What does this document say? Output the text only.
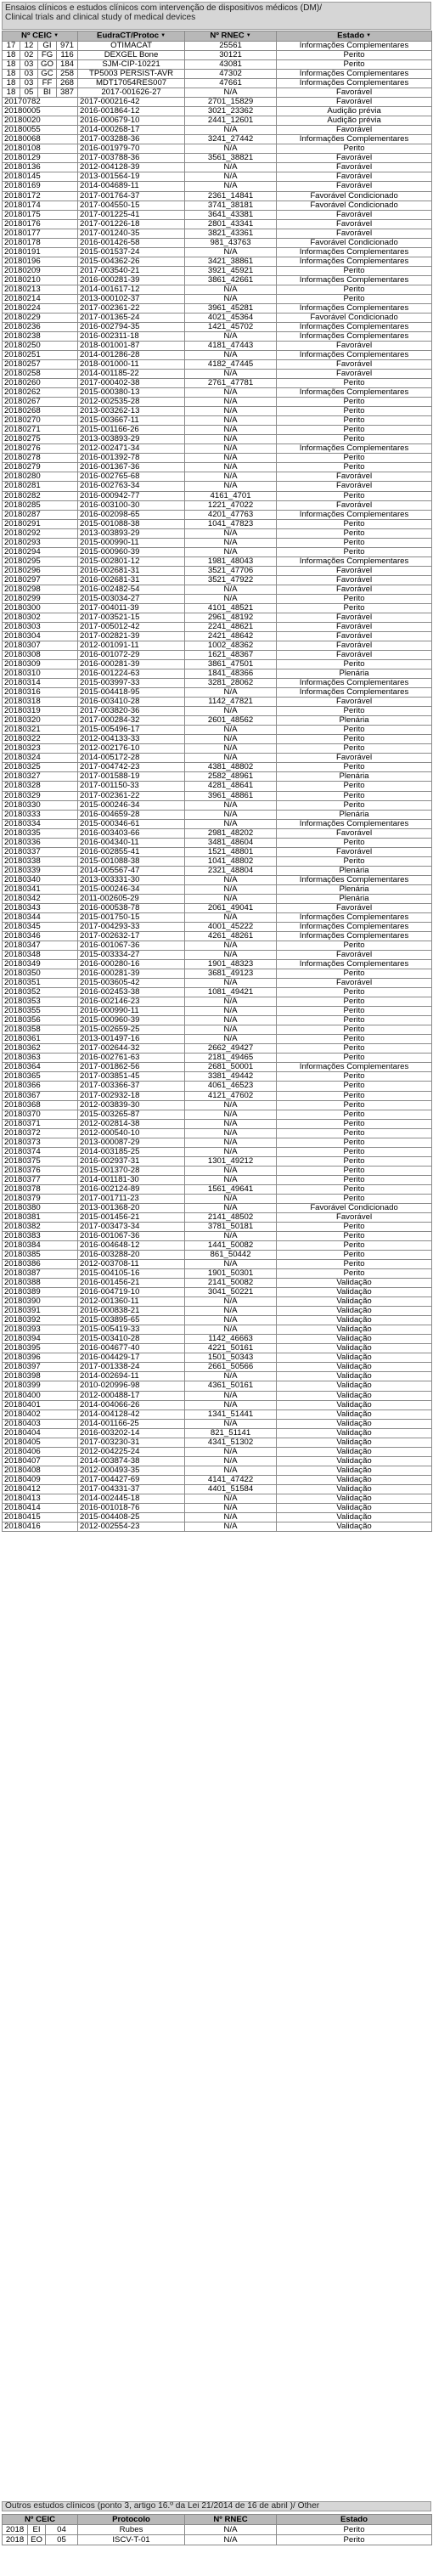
Ensaios clínicos e estudos clínicos com intervenção de dispositivos médicos (DM)/
Clinical trials and clinical study of medical devices
Nº CEIC ▼				EudraCT/Protoc ▼	Nº RNEC ▼	Estado ▼
17	12	GI	971	OTIMACAT	25561	Informações Complementares
18	02	FG	116	DEXGEL Bone	30121	Perito
18	03	GO	184	SJM-CIP-10221	43081	Perito
18	03	GC	258	TP5003 PERSIST-AVR	47302	Informações Complementares
18	03	FF	268	MDT17054RES007	47661	Informações Complementares
18	05	BI	387	2017-001626-27	N/A	Favorável
20170782				2017-000216-42	2701_15829	Favorável
20180005				2016-001864-12	3021_23362	Audição prévia
20180020				2016-000679-10	2441_12601	Audição prévia
20180055				2014-000268-17	N/A	Favorável
20180068				2017-003288-36	3241_27442	Informações Complementares
20180108				2016-001979-70	N/A	Perito
20180129				2017-003788-36	3561_38821	Favorável
20180136				2012-004128-39	N/A	Favorável
20180145				2013-001564-19	N/A	Favorável
20180169				2014-004689-11	N/A	Favorável
20180172				2017-001764-37	2361_14841	Favorável Condicionado
20180174				2017-004550-15	3741_38181	Favorável Condicionado
20180175				2017-001225-41	3641_43381	Favorável
20180176				2017-001226-18	2801_43341	Favorável
20180177				2017-001240-35	3821_43361	Favorável
20180178				2016-001426-58	981_43763	Favorável Condicionado
20180191				2015-001537-24	N/A	Informações Complementares
20180196				2015-004362-26	3421_38861	Informações Complementares
20180209				2017-003540-21	3921_45921	Perito
20180210				2016-000281-39	3861_42661	Informações Complementares
20180213				2014-001617-12	N/A	Perito
20180214				2013-000102-37	N/A	Perito
20180224				2017-002361-22	3961_45281	Informações Complementares
20180229				2017-001365-24	4021_45364	Favorável Condicionado
20180236				2016-002794-35	1421_45702	Informações Complementares
20180238				2016-002311-18	N/A	Informações Complementares
20180250				2018-001001-87	4181_47443	Favorável
20180251				2014-001286-28	N/A	Informações Complementares
20180257				2018-001000-11	4182_47445	Favorável
20180258				2014-001185-22	N/A	Favorável
20180260				2017-000402-38	2761_47781	Perito
20180262				2015-000380-13	N/A	Informações Complementares
20180267				2012-002535-28	N/A	Perito
20180268				2013-003262-13	N/A	Perito
20180270				2015-003667-11	N/A	Perito
20180271				2015-001166-26	N/A	Perito
20180275				2013-003893-29	N/A	Perito
20180276				2012-002471-34	N/A	Informações Complementares
20180278				2016-001392-78	N/A	Perito
20180279				2016-001367-36	N/A	Perito
20180280				2016-002765-68	N/A	Favorável
20180281				2016-002763-34	N/A	Favorável
20180282				2016-000942-77	4161_4701	Perito
20180285				2016-003100-30	1221_47022	Favorável
20180287				2016-002098-65	4201_47763	Informações Complementares
20180291				2015-001088-38	1041_47823	Perito
20180292				2013-003893-29	N/A	Perito
20180293				2015-000990-11	N/A	Perito
20180294				2015-000960-39	N/A	Perito
20180295				2015-002801-12	1981_48043	Informações Complementares
20180296				2016-002681-31	3521_47706	Favorável
20180297				2016-002681-31	3521_47922	Favorável
20180298				2016-002482-54	N/A	Favorável
20180299				2015-003034-27	N/A	Perito
20180300				2017-004011-39	4101_48521	Perito
20180302				2017-003521-15	2961_48192	Favorável
20180303				2017-005012-42	2241_48621	Favorável
20180304				2017-002821-39	2421_48642	Favorável
20180307				2012-001091-11	1002_48362	Favorável
20180308				2016-001072-29	1621_48367	Favorável
20180309				2016-000281-39	3861_47501	Perito
20180310				2016-001224-63	1841_48366	Plenária
20180314				2015-003997-33	3281_28062	Informações Complementares
20180316				2015-004418-95	N/A	Informações Complementares
20180318				2016-003410-28	1142_47821	Favorável
20180319				2017-003820-36	N/A	Perito
20180320				2017-000284-32	2601_48562	Plenária
20180321				2015-005496-17	N/A	Perito
20180322				2012-004133-33	N/A	Perito
20180323				2012-002176-10	N/A	Perito
20180324				2014-005172-28	N/A	Favorável
20180325				2017-004742-23	4381_48802	Perito
20180327				2017-001588-19	2582_48961	Plenária
20180328				2017-001150-33	4281_48641	Perito
20180329				2017-002361-22	3961_48861	Perito
20180330				2015-000246-34	N/A	Perito
20180333				2016-004659-28	N/A	Plenária
20180334				2015-000346-61	N/A	Informações Complementares
20180335				2016-003403-66	2981_48202	Favorável
20180336				2016-004340-11	3481_48604	Perito
20180337				2016-002855-41	1521_48801	Favorável
20180338				2015-001088-38	1041_48802	Perito
20180339				2014-005567-47	2321_48804	Plenária
20180340				2013-003331-30	N/A	Informações Complementares
20180341				2015-000246-34	N/A	Plenária
20180342				2011-002605-29	N/A	Plenária
20180343				2016-000538-78	2061_49041	Favorável
20180344				2015-001750-15	N/A	Informações Complementares
20180345				2017-004293-33	4001_45222	Informações Complementares
20180346				2017-002632-17	4261_48261	Informações Complementares
20180347				2016-001067-36	N/A	Perito
20180348				2015-003334-27	N/A	Favorável
20180349				2016-000280-16	1901_48323	Informações Complementares
20180350				2016-000281-39	3681_49123	Perito
20180351				2015-003605-42	N/A	Favorável
20180352				2016-002453-38	1081_49421	Perito
20180353				2016-002146-23	N/A	Perito
20180355				2016-000990-11	N/A	Perito
20180356				2015-000960-39	N/A	Perito
20180358				2015-002659-25	N/A	Perito
20180361				2013-001497-16	N/A	Perito
20180362				2017-002644-32	2662_49427	Perito
20180363				2016-002761-63	2181_49465	Perito
20180364				2017-001862-56	2681_50001	Informações Complementares
20180365				2017-003851-45	3381_49442	Perito
20180366				2017-003366-37	4061_46523	Perito
20180367				2017-002932-18	4121_47602	Perito
20180368				2012-003839-30	N/A	Perito
20180370				2015-003265-87	N/A	Perito
20180371				2012-002814-38	N/A	Perito
20180372				2012-000540-10	N/A	Perito
20180373				2013-000087-29	N/A	Perito
20180374				2014-003185-25	N/A	Perito
20180375				2016-002937-31	1301_49212	Perito
20180376				2015-001370-28	N/A	Perito
20180377				2014-001181-30	N/A	Perito
20180378				2016-002124-89	1561_49641	Perito
20180379				2017-001711-23	N/A	Perito
20180380				2013-001368-20	N/A	Favorável Condicionado
20180381				2015-001456-21	2141_48502	Favorável
20180382				2017-003473-34	3781_50181	Perito
20180383				2016-001067-36	N/A	Perito
20180384				2016-004648-12	1441_50082	Perito
20180385				2016-003288-20	861_50442	Perito
20180386				2012-003708-11	N/A	Perito
20180387				2015-004105-16	1901_50301	Perito
20180388				2016-001456-21	2141_50082	Validação
20180389				2016-004719-10	3041_50221	Validação
20180390				2012-001360-11	N/A	Validação
20180391				2016-000838-21	N/A	Validação
20180392				2015-003895-65	N/A	Validação
20180393				2015-005419-33	N/A	Validação
20180394				2015-003410-28	1142_46663	Validação
20180395				2016-004677-40	4221_50161	Validação
20180396				2016-004429-17	1501_50343	Validação
20180397				2017-001338-24	2661_50566	Validação
20180398				2014-002694-11	N/A	Validação
20180399				2010-020996-98	4361_50161	Validação
20180400				2012-000488-17	N/A	Validação
20180401				2014-004066-26	N/A	Validação
20180402				2014-004128-42	1341_51441	Validação
20180403				2014-001166-25	N/A	Validação
20180404				2016-003202-14	821_51141	Validação
20180405				2017-003230-31	4341_51302	Validação
20180406				2012-004225-24	N/A	Validação
20180407				2014-003874-38	N/A	Validação
20180408				2012-000493-35	N/A	Validação
20180409				2017-004427-69	4141_47422	Validação
20180412				2017-004331-37	4401_51584	Validação
20180413				2014-002445-18	N/A	Validação
20180414				2016-001018-76	N/A	Validação
20180415				2015-004408-25	N/A	Validação
20180416				2012-002554-23	N/A	Validação
Outros estudos clínicos (ponto 3, artigo 16.º da Lei 21/2014 de 16 de abril )/ Other
Nº CEIC			Protocolo	Nº RNEC	Estado
2018	EI	04	Rubes	N/A	Perito
2018	EO	05	ISCV-T-01	N/A	Perito
